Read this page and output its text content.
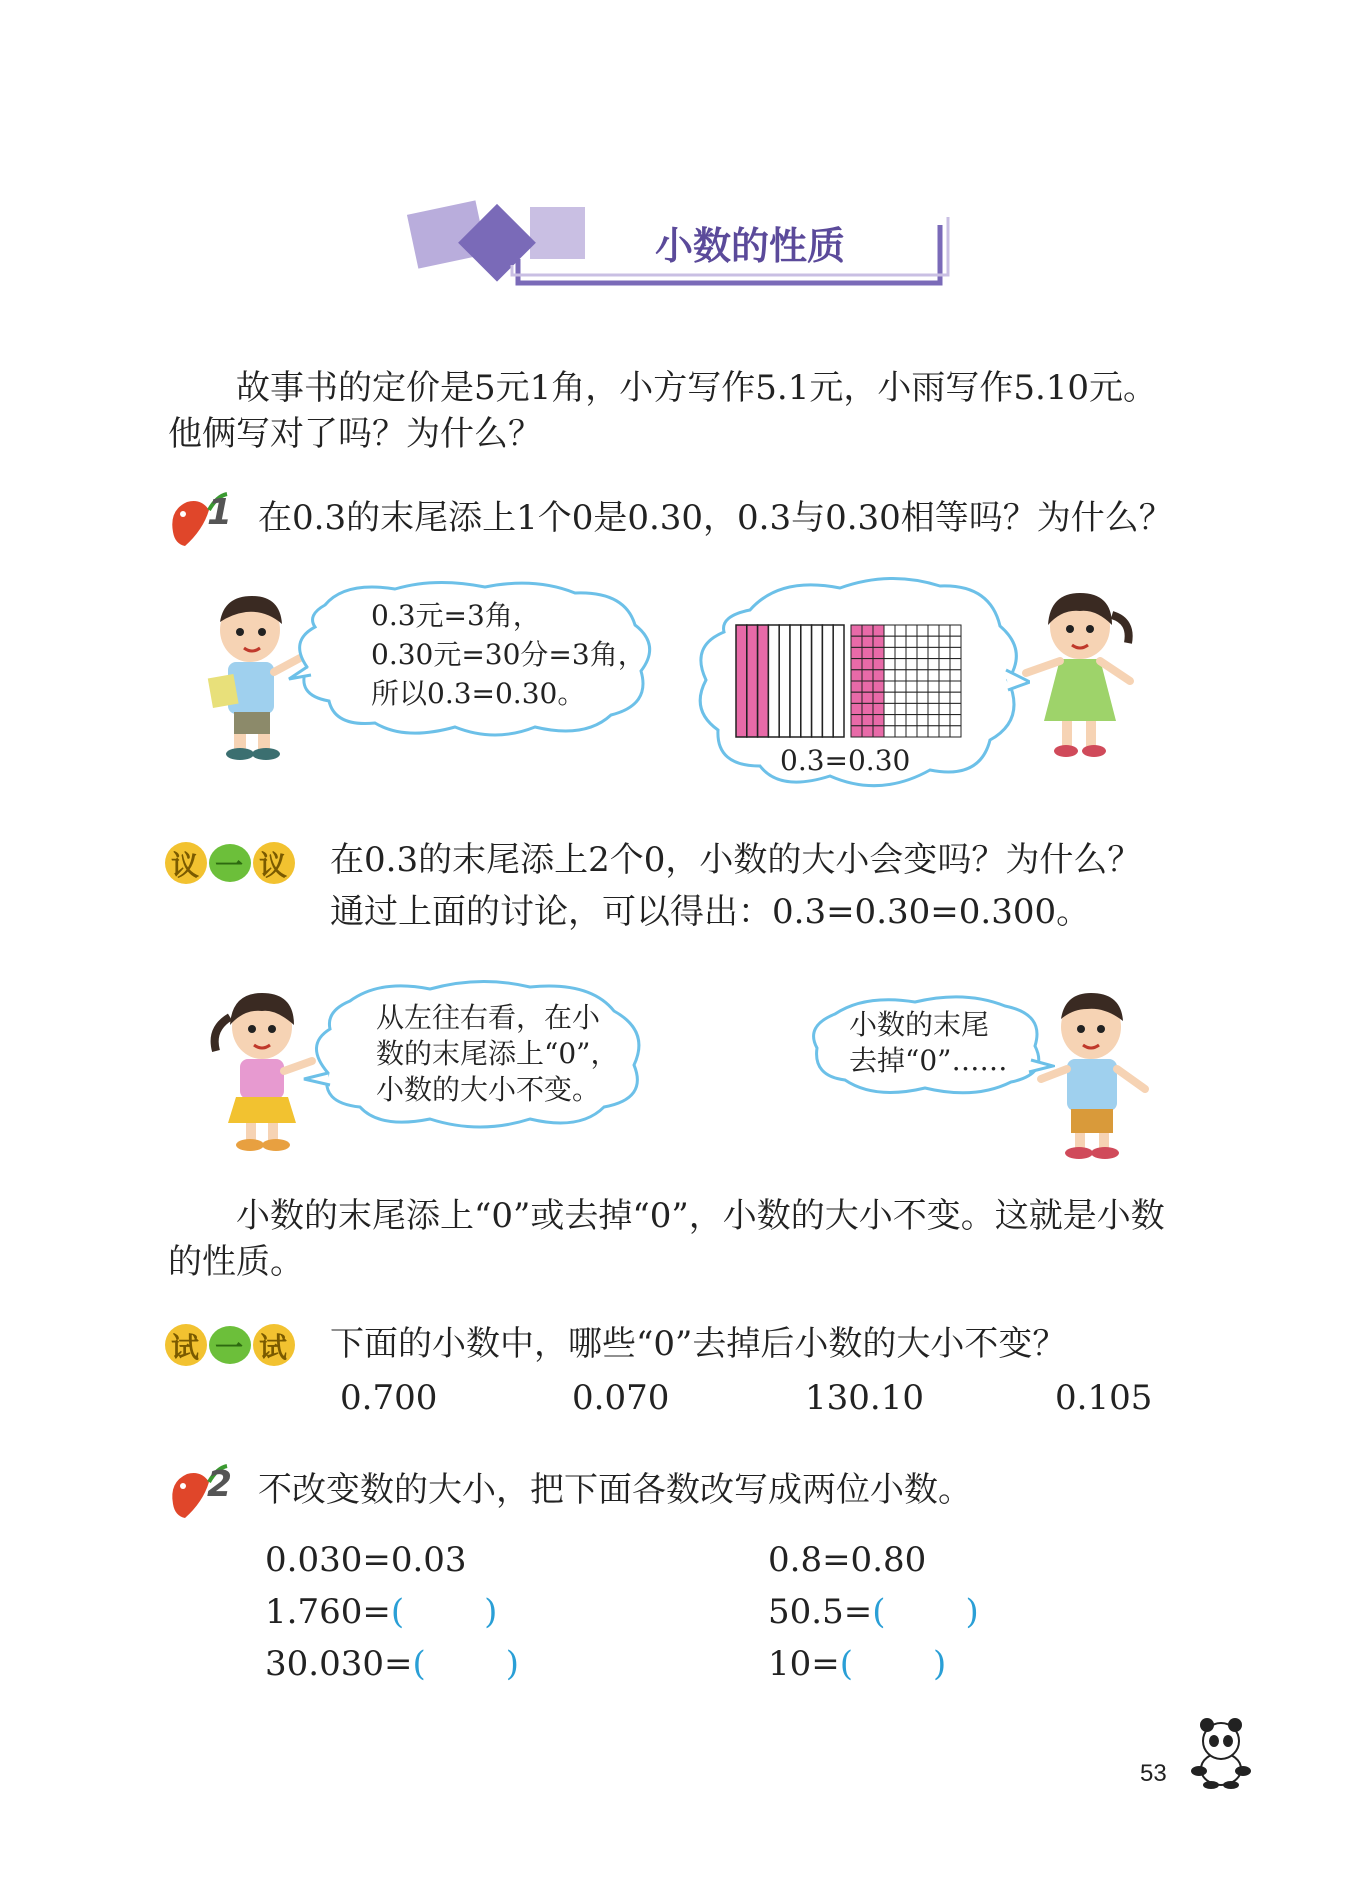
小数的性质
故事书的定价是5元1角，小方写作5.1元，小雨写作5.10元。
他俩写对了吗？为什么？
1 在0.3的末尾添上1个0是0.30，0.3与0.30相等吗？为什么？
0.3元=3角，
0.30元=30分=3角，
所以0.3=0.30。
0.3=0.30
议 一 议 在0.3的末尾添上2个0，小数的大小会变吗？为什么？
通过上面的讨论，可以得出：0.3=0.30=0.300。
从左往右看，在小
数的末尾添上“0”，
小数的大小不变。
小数的末尾
去掉“0”……
小数的末尾添上“0”或去掉“0”，小数的大小不变。这就是小数
的性质。
试 一 试 下面的小数中，哪些“0”去掉后小数的大小不变？
0.700	0.070	130.10	0.105
2 不改变数的大小，把下面各数改写成两位小数。
0.030=0.03	0.8=0.80
1.760=( )	50.5=( )
30.030=( )	10=( )
53
